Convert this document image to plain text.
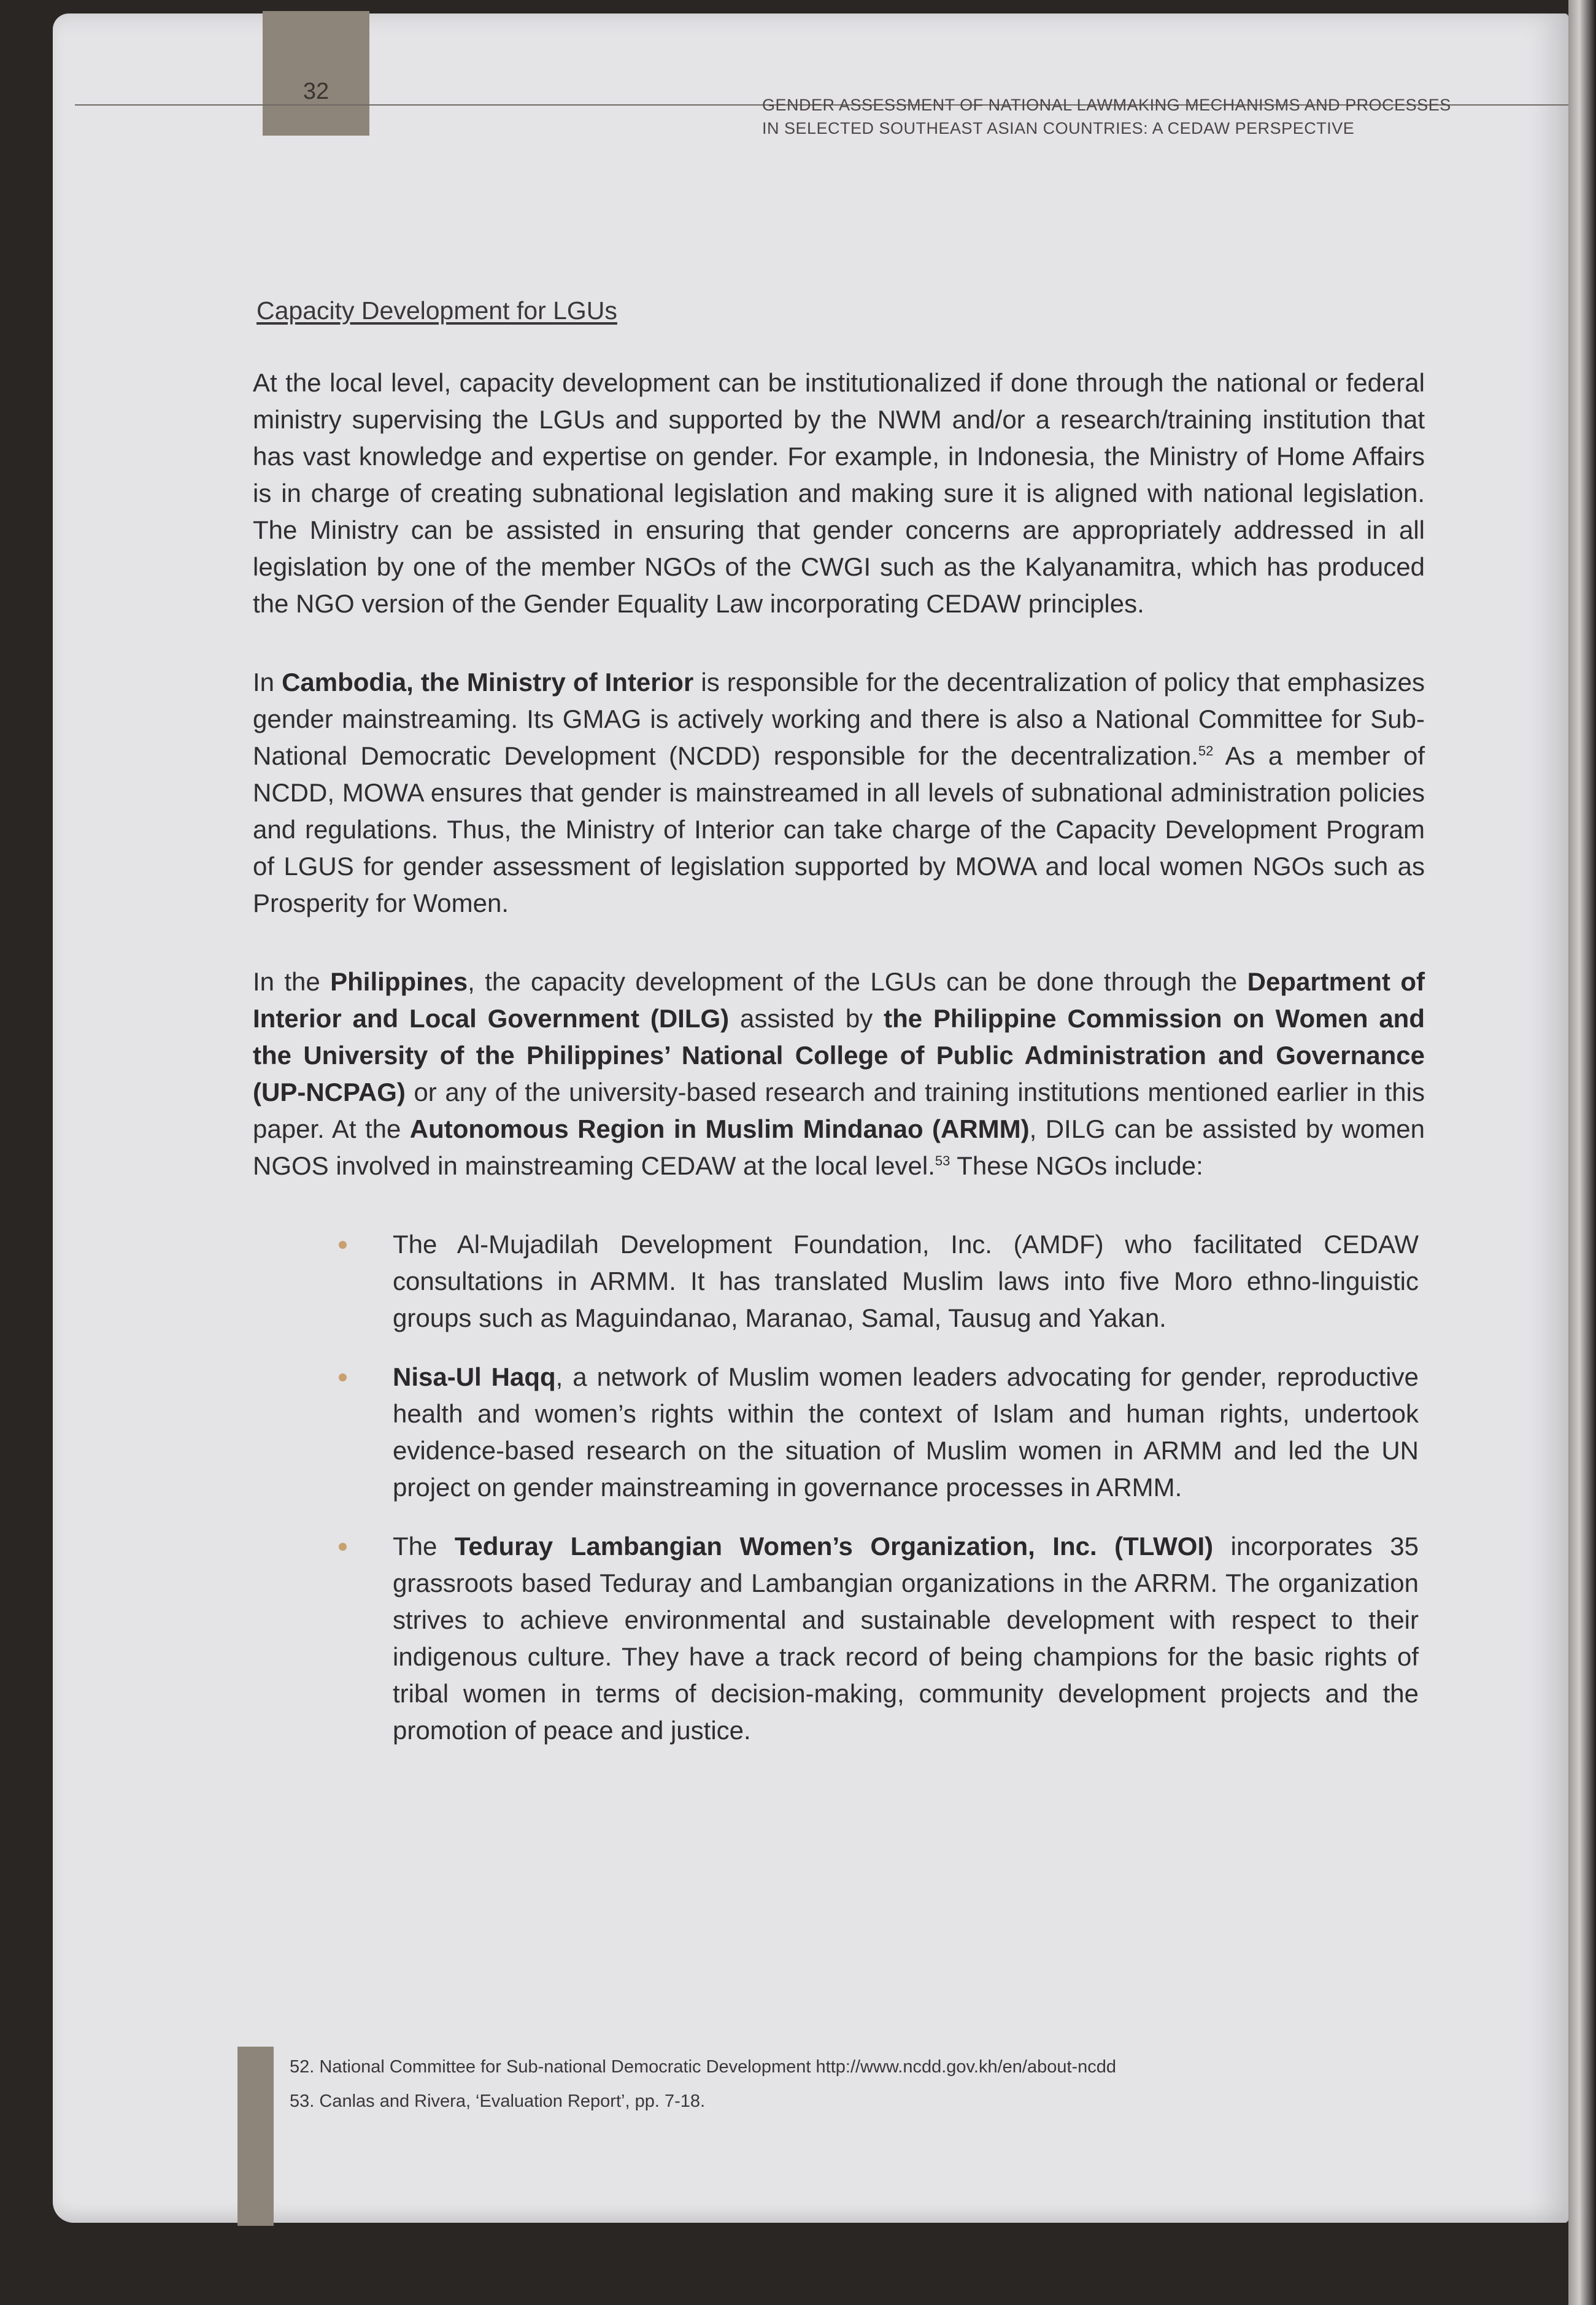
32
GENDER ASSESSMENT OF NATIONAL LAWMAKING MECHANISMS AND PROCESSES
IN SELECTED SOUTHEAST ASIAN COUNTRIES: A CEDAW PERSPECTIVE
Capacity Development for LGUs

At the local level, capacity development can be institutionalized if done through the national or federal ministry supervising the LGUs and supported by the NWM and/or a research/training institution that has vast knowledge and expertise on gender. For example, in Indonesia, the Ministry of Home Affairs is in charge of creating subnational legislation and making sure it is aligned with national legislation. The Ministry can be assisted in ensuring that gender concerns are appropriately addressed in all legislation by one of the member NGOs of the CWGI such as the Kalyanamitra, which has produced the NGO version of the Gender Equality Law incorporating CEDAW principles.

In Cambodia, the Ministry of Interior is responsible for the decentralization of policy that emphasizes gender mainstreaming. Its GMAG is actively working and there is also a National Committee for Sub-National Democratic Development (NCDD) responsible for the decentralization.$^{52}$ As a member of NCDD, MOWA ensures that gender is mainstreamed in all levels of subnational administration policies and regulations. Thus, the Ministry of Interior can take charge of the Capacity Development Program of LGUS for gender assessment of legislation supported by MOWA and local women NGOs such as Prosperity for Women.

In the Philippines, the capacity development of the LGUs can be done through the Department of Interior and Local Government (DILG) assisted by the Philippine Commission on Women and the University of the Philippines’ National College of Public Administration and Governance (UP-NCPAG) or any of the university-based research and training institutions mentioned earlier in this paper. At the Autonomous Region in Muslim Mindanao (ARMM), DILG can be assisted by women NGOS involved in mainstreaming CEDAW at the local level.$^{53}$ These NGOs include:

The Al-Mujadilah Development Foundation, Inc. (AMDF) who facilitated CEDAW consultations in ARMM. It has translated Muslim laws into five Moro ethno-linguistic groups such as Maguindanao, Maranao, Samal, Tausug and Yakan.
Nisa-Ul Haqq, a network of Muslim women leaders advocating for gender, reproductive health and women’s rights within the context of Islam and human rights, undertook evidence-based research on the situation of Muslim women in ARMM and led the UN project on gender mainstreaming in governance processes in ARMM.
The Teduray Lambangian Women’s Organization, Inc. (TLWOI) incorporates 35 grassroots based Teduray and Lambangian organizations in the ARRM. The organization strives to achieve environmental and sustainable development with respect to their indigenous culture. They have a track record of being champions for the basic rights of tribal women in terms of decision-making, community development projects and the promotion of peace and justice.
52. National Committee for Sub-national Democratic Development http://www.ncdd.gov.kh/en/about-ncdd
53. Canlas and Rivera, ‘Evaluation Report’, pp. 7-18.
